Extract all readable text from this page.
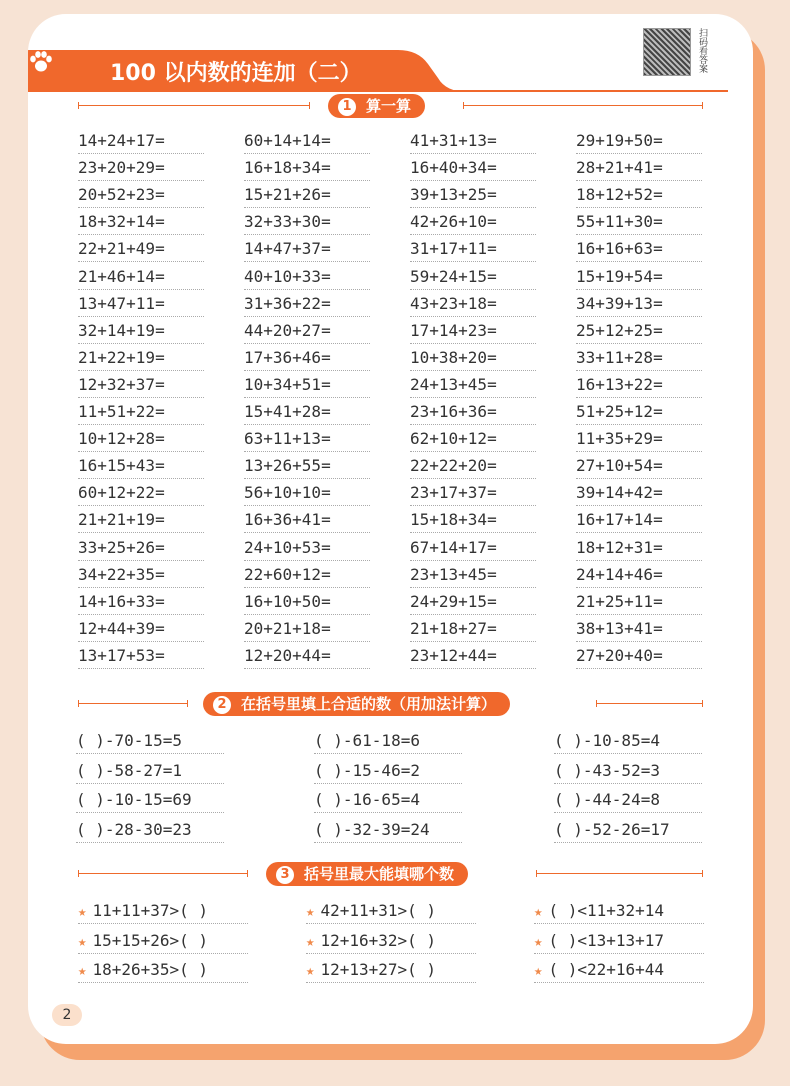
100 以内数的连加（二）
扫码看答案
1 算一算
14+24+17=
23+20+29=
20+52+23=
18+32+14=
22+21+49=
21+46+14=
13+47+11=
32+14+19=
21+22+19=
12+32+37=
11+51+22=
10+12+28=
16+15+43=
60+12+22=
21+21+19=
33+25+26=
34+22+35=
14+16+33=
12+44+39=
13+17+53=
60+14+14=
16+18+34=
15+21+26=
32+33+30=
14+47+37=
40+10+33=
31+36+22=
44+20+27=
17+36+46=
10+34+51=
15+41+28=
63+11+13=
13+26+55=
56+10+10=
16+36+41=
24+10+53=
22+60+12=
16+10+50=
20+21+18=
12+20+44=
41+31+13=
16+40+34=
39+13+25=
42+26+10=
31+17+11=
59+24+15=
43+23+18=
17+14+23=
10+38+20=
24+13+45=
23+16+36=
62+10+12=
22+22+20=
23+17+37=
15+18+34=
67+14+17=
23+13+45=
24+29+15=
21+18+27=
23+12+44=
29+19+50=
28+21+41=
18+12+52=
55+11+30=
16+16+63=
15+19+54=
34+39+13=
25+12+25=
33+11+28=
16+13+22=
51+25+12=
11+35+29=
27+10+54=
39+14+42=
16+17+14=
18+12+31=
24+14+46=
21+25+11=
38+13+41=
27+20+40=
2 在括号里填上合适的数（用加法计算）
( )-70-15=5
( )-58-27=1
( )-10-15=69
( )-28-30=23
( )-61-18=6
( )-15-46=2
( )-16-65=4
( )-32-39=24
( )-10-85=4
( )-43-52=3
( )-44-24=8
( )-52-26=17
3 括号里最大能填哪个数
★ 11+11+37>( )
★ 15+15+26>( )
★ 18+26+35>( )
★ 42+11+31>( )
★ 12+16+32>( )
★ 12+13+27>( )
★ ( )<11+32+14
★ ( )<13+13+17
★ ( )<22+16+44
2
